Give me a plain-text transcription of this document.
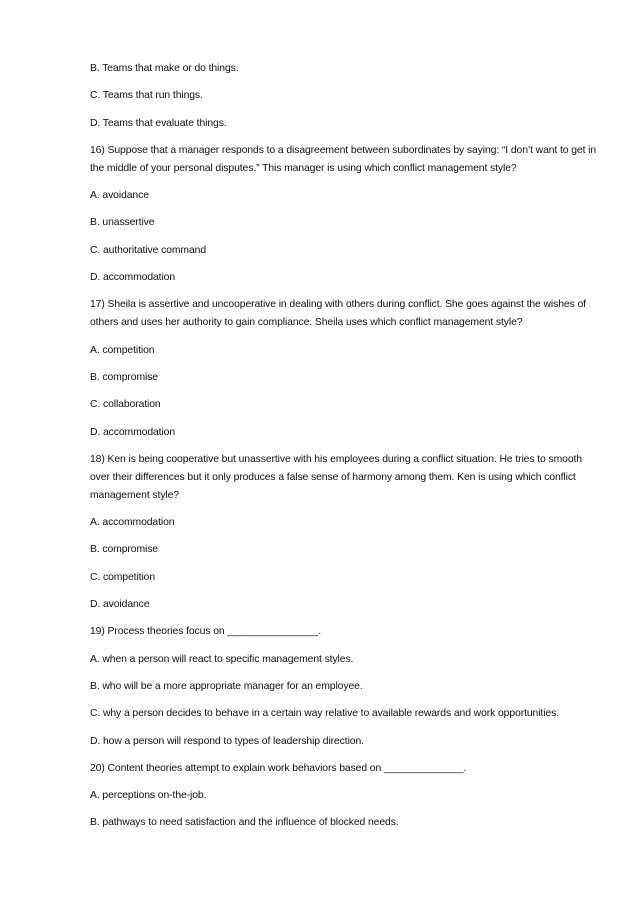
B. Teams that make or do things.

C. Teams that run things.

D. Teams that evaluate things.

16) Suppose that a manager responds to a disagreement between subordinates by saying: “I don’t want to get in the middle of your personal disputes.” This manager is using which conflict management style?

A. avoidance

B. unassertive

C. authoritative command

D. accommodation

17) Sheila is assertive and uncooperative in dealing with others during conflict. She goes against the wishes of others and uses her authority to gain compliance. Sheila uses which conflict management style?

A. competition

B. compromise

C. collaboration

D. accommodation

18) Ken is being cooperative but unassertive with his employees during a conflict situation. He tries to smooth over their differences but it only produces a false sense of harmony among them. Ken is using which conflict management style?

A. accommodation

B. compromise

C. competition

D. avoidance

19) Process theories focus on ________________.

A. when a person will react to specific management styles.

B. who will be a more appropriate manager for an employee.

C. why a person decides to behave in a certain way relative to available rewards and work opportunities.

D. how a person will respond to types of leadership direction.

20) Content theories attempt to explain work behaviors based on ______________.

A. perceptions on-the-job.

B. pathways to need satisfaction and the influence of blocked needs.
